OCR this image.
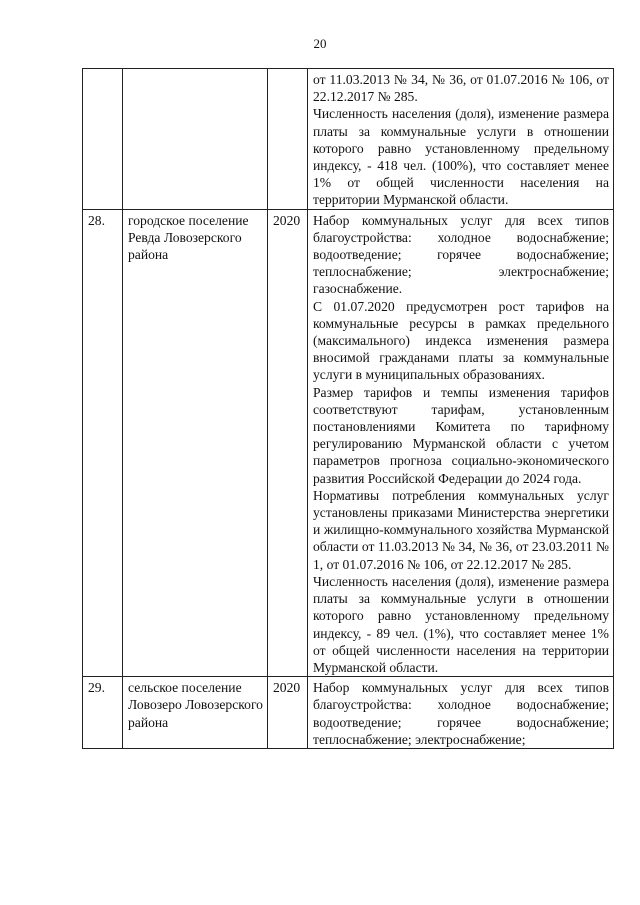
20

			от 11.03.2013 № 34, № 36, от 01.07.2016 № 106, от 22.12.2017 № 285.

Численность населения (доля), изменение размера платы за коммунальные услуги в отношении которого равно установленному предельному индексу, - 418 чел. (100%), что составляет менее 1% от общей численности населения на территории Мурманской области.

28.	городское поселение Ревда Ловозерского района	2020	Набор коммунальных услуг для всех типов благоустройства: холодное водоснабжение; водоотведение; горячее водоснабжение; теплоснабжение; электроснабжение; газоснабжение.

С 01.07.2020 предусмотрен рост тарифов на коммунальные ресурсы в рамках предельного (максимального) индекса изменения размера вносимой гражданами платы за коммунальные услуги в муниципальных образованиях.

Размер тарифов и темпы изменения тарифов соответствуют тарифам, установленным постановлениями Комитета по тарифному регулированию Мурманской области с учетом параметров прогноза социально-экономического развития Российской Федерации до 2024 года.

Нормативы потребления коммунальных услуг установлены приказами Министерства энергетики и жилищно-коммунального хозяйства Мурманской области от 11.03.2013 № 34, № 36, от 23.03.2011 № 1, от 01.07.2016 № 106, от 22.12.2017 № 285.

Численность населения (доля), изменение размера платы за коммунальные услуги в отношении которого равно установленному предельному индексу, - 89 чел. (1%), что составляет менее 1% от общей численности населения на территории Мурманской области.

29.	сельское поселение Ловозеро Ловозерского района	2020	Набор коммунальных услуг для всех типов благоустройства: холодное водоснабжение; водоотведение; горячее водоснабжение; теплоснабжение; электроснабжение;
